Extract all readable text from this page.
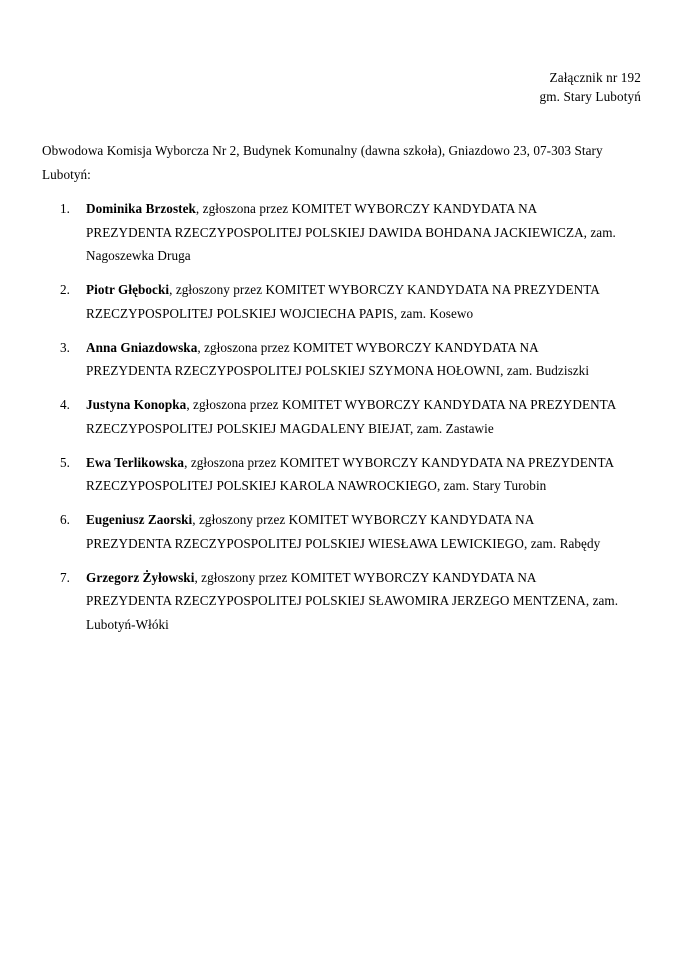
Załącznik nr 192
gm. Stary Lubotyń

Obwodowa Komisja Wyborcza Nr 2, Budynek Komunalny (dawna szkoła), Gniazdowo 23, 07-303 Stary Lubotyń:

1.	Dominika Brzostek, zgłoszona przez KOMITET WYBORCZY KANDYDATA NA PREZYDENTA RZECZYPOSPOLITEJ POLSKIEJ DAWIDA BOHDANA JACKIEWICZA, zam. Nagoszewka Druga
2.	Piotr Głębocki, zgłoszony przez KOMITET WYBORCZY KANDYDATA NA PREZYDENTA RZECZYPOSPOLITEJ POLSKIEJ WOJCIECHA PAPIS, zam. Kosewo
3.	Anna Gniazdowska, zgłoszona przez KOMITET WYBORCZY KANDYDATA NA PREZYDENTA RZECZYPOSPOLITEJ POLSKIEJ SZYMONA HOŁOWNI, zam. Budziszki
4.	Justyna Konopka, zgłoszona przez KOMITET WYBORCZY KANDYDATA NA PREZYDENTA RZECZYPOSPOLITEJ POLSKIEJ MAGDALENY BIEJAT, zam. Zastawie
5.	Ewa Terlikowska, zgłoszona przez KOMITET WYBORCZY KANDYDATA NA PREZYDENTA RZECZYPOSPOLITEJ POLSKIEJ KAROLA NAWROCKIEGO, zam. Stary Turobin
6.	Eugeniusz Zaorski, zgłoszony przez KOMITET WYBORCZY KANDYDATA NA PREZYDENTA RZECZYPOSPOLITEJ POLSKIEJ WIESŁAWA LEWICKIEGO, zam. Rabędy
7.	Grzegorz Żyłowski, zgłoszony przez KOMITET WYBORCZY KANDYDATA NA PREZYDENTA RZECZYPOSPOLITEJ POLSKIEJ SŁAWOMIRA JERZEGO MENTZENA, zam. Lubotyń-Włóki
